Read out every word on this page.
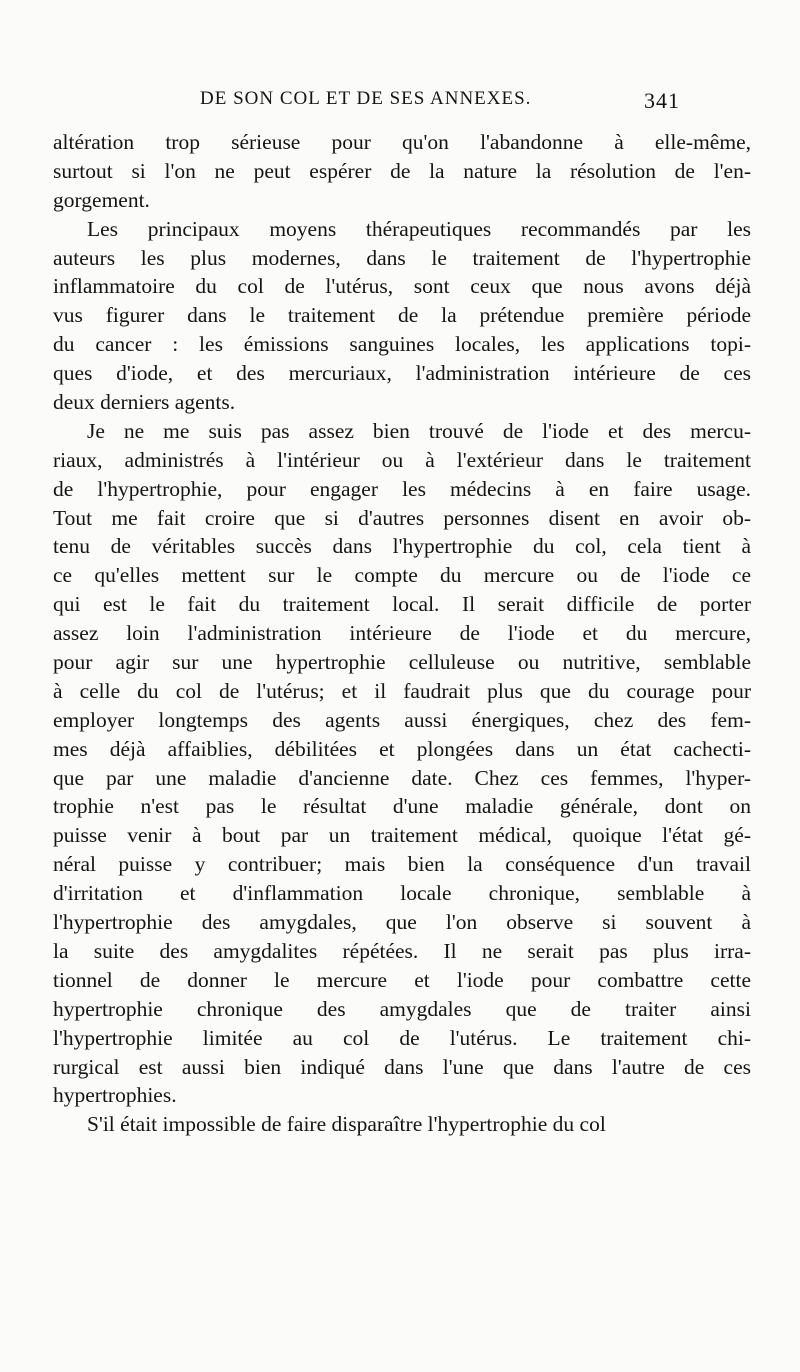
DE SON COL ET DE SES ANNEXES.	341
altération trop sérieuse pour qu'on l'abandonne à elle-même,
surtout si l'on ne peut espérer de la nature la résolution de l'en-
gorgement.
Les principaux moyens thérapeutiques recommandés par les
auteurs les plus modernes, dans le traitement de l'hypertrophie
inflammatoire du col de l'utérus, sont ceux que nous avons déjà
vus figurer dans le traitement de la prétendue première période
du cancer : les émissions sanguines locales, les applications topi-
ques d'iode, et des mercuriaux, l'administration intérieure de ces
deux derniers agents.
Je ne me suis pas assez bien trouvé de l'iode et des mercu-
riaux, administrés à l'intérieur ou à l'extérieur dans le traitement
de l'hypertrophie, pour engager les médecins à en faire usage.
Tout me fait croire que si d'autres personnes disent en avoir ob-
tenu de véritables succès dans l'hypertrophie du col, cela tient à
ce qu'elles mettent sur le compte du mercure ou de l'iode ce
qui est le fait du traitement local. Il serait difficile de porter
assez loin l'administration intérieure de l'iode et du mercure,
pour agir sur une hypertrophie celluleuse ou nutritive, semblable
à celle du col de l'utérus; et il faudrait plus que du courage pour
employer longtemps des agents aussi énergiques, chez des fem-
mes déjà affaiblies, débilitées et plongées dans un état cachecti-
que par une maladie d'ancienne date. Chez ces femmes, l'hyper-
trophie n'est pas le résultat d'une maladie générale, dont on
puisse venir à bout par un traitement médical, quoique l'état gé-
néral puisse y contribuer; mais bien la conséquence d'un travail
d'irritation et d'inflammation locale chronique, semblable à
l'hypertrophie des amygdales, que l'on observe si souvent à
la suite des amygdalites répétées. Il ne serait pas plus irra-
tionnel de donner le mercure et l'iode pour combattre cette
hypertrophie chronique des amygdales que de traiter ainsi
l'hypertrophie limitée au col de l'utérus. Le traitement chi-
rurgical est aussi bien indiqué dans l'une que dans l'autre de ces
hypertrophies.
S'il était impossible de faire disparaître l'hypertrophie du col
